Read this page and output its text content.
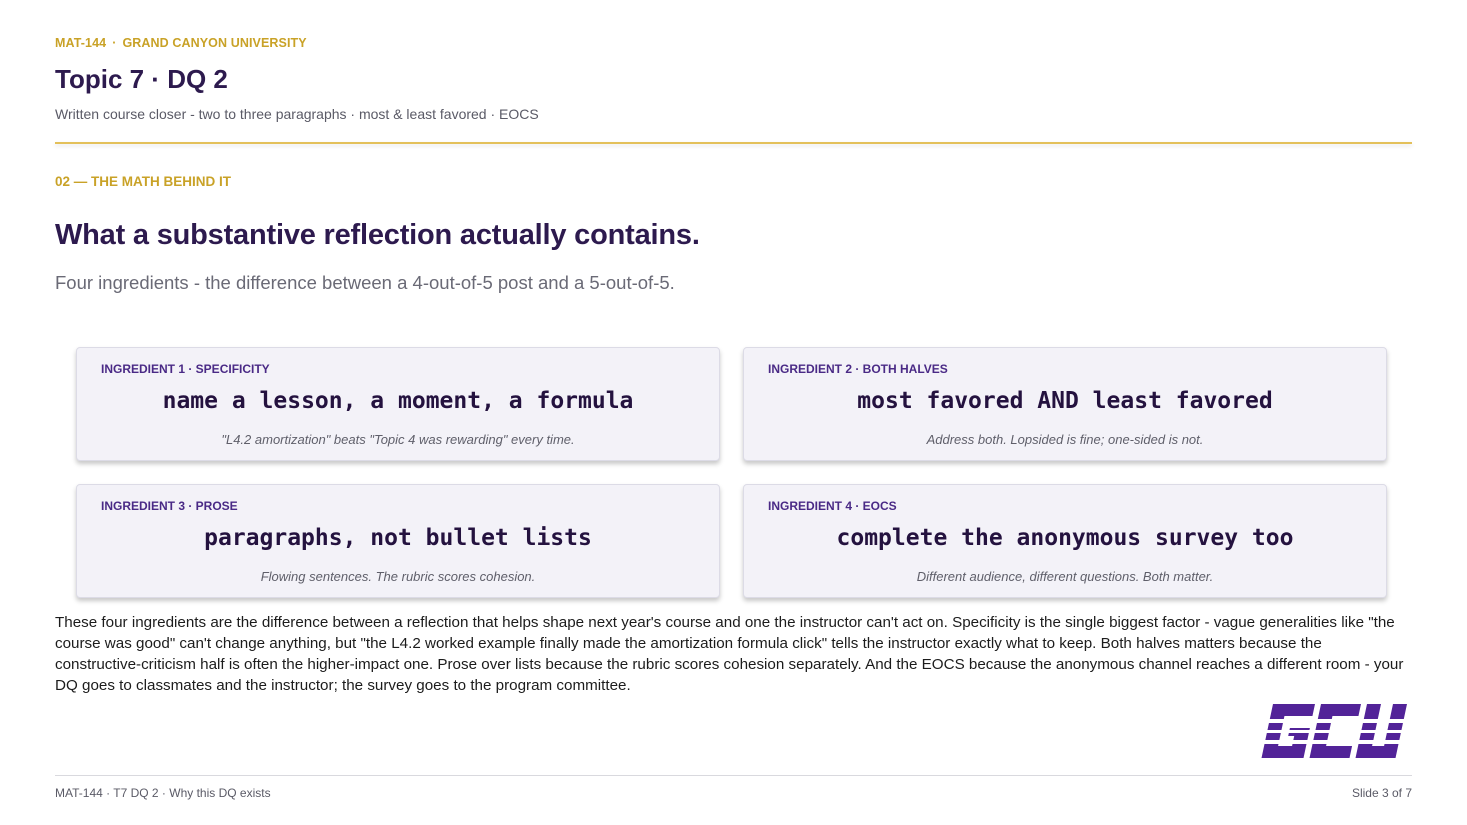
MAT-144 · GRAND CANYON UNIVERSITY
Topic 7 · DQ 2
Written course closer - two to three paragraphs · most & least favored · EOCS
02 — THE MATH BEHIND IT
What a substantive reflection actually contains.
Four ingredients - the difference between a 4-out-of-5 post and a 5-out-of-5.
INGREDIENT 1 · SPECIFICITY
name a lesson, a moment, a formula
"L4.2 amortization" beats "Topic 4 was rewarding" every time.
INGREDIENT 2 · BOTH HALVES
most favored AND least favored
Address both. Lopsided is fine; one-sided is not.
INGREDIENT 3 · PROSE
paragraphs, not bullet lists
Flowing sentences. The rubric scores cohesion.
INGREDIENT 4 · EOCS
complete the anonymous survey too
Different audience, different questions. Both matter.
These four ingredients are the difference between a reflection that helps shape next year's course and one the instructor can't act on. Specificity is the single biggest factor - vague generalities like "the course was good" can't change anything, but "the L4.2 worked example finally made the amortization formula click" tells the instructor exactly what to keep. Both halves matters because the constructive-criticism half is often the higher-impact one. Prose over lists because the rubric scores cohesion separately. And the EOCS because the anonymous channel reaches a different room - your DQ goes to classmates and the instructor; the survey goes to the program committee.
MAT-144 · T7 DQ 2 · Why this DQ exists	Slide 3 of 7
